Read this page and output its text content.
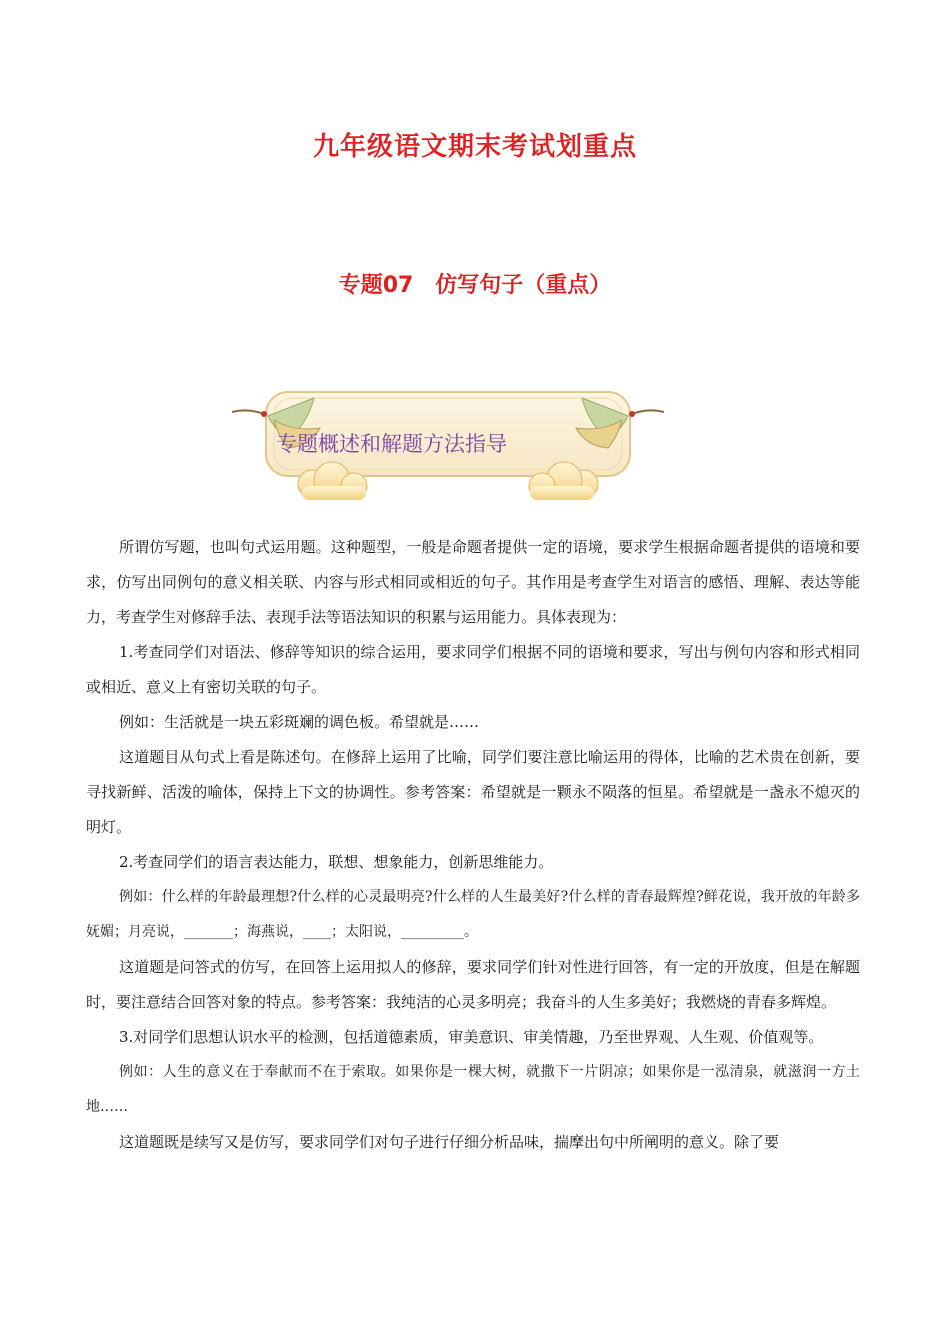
九年级语文期末考试划重点
专题07　仿写句子（重点）
专题概述和解题方法指导

所谓仿写题，也叫句式运用题。这种题型，一般是命题者提供一定的语境，要求学生根据命题者提供的语境和要求，仿写出同例句的意义相关联、内容与形式相同或相近的句子。其作用是考查学生对语言的感悟、理解、表达等能力，考查学生对修辞手法、表现手法等语法知识的积累与运用能力。具体表现为：

1.考查同学们对语法、修辞等知识的综合运用，要求同学们根据不同的语境和要求，写出与例句内容和形式相同或相近、意义上有密切关联的句子。

例如：生活就是一块五彩斑斓的调色板。希望就是……

这道题目从句式上看是陈述句。在修辞上运用了比喻，同学们要注意比喻运用的得体，比喻的艺术贵在创新，要寻找新鲜、活泼的喻体，保持上下文的协调性。参考答案：希望就是一颗永不陨落的恒星。希望就是一盏永不熄灭的明灯。

2.考查同学们的语言表达能力，联想、想象能力，创新思维能力。

例如：什么样的年龄最理想?什么样的心灵最明亮?什么样的人生最美好?什么样的青春最辉煌?鲜花说，我开放的年龄多妩媚；月亮说，_______；海燕说，____；太阳说，_________。

这道题是问答式的仿写，在回答上运用拟人的修辞，要求同学们针对性进行回答，有一定的开放度，但是在解题时，要注意结合回答对象的特点。参考答案：我纯洁的心灵多明亮；我奋斗的人生多美好；我燃烧的青春多辉煌。

3.对同学们思想认识水平的检测，包括道德素质，审美意识、审美情趣，乃至世界观、人生观、价值观等。

例如：人生的意义在于奉献而不在于索取。如果你是一棵大树，就撒下一片阴凉；如果你是一泓清泉，就滋润一方土地……

这道题既是续写又是仿写，要求同学们对句子进行仔细分析品味，揣摩出句中所阐明的意义。除了要
